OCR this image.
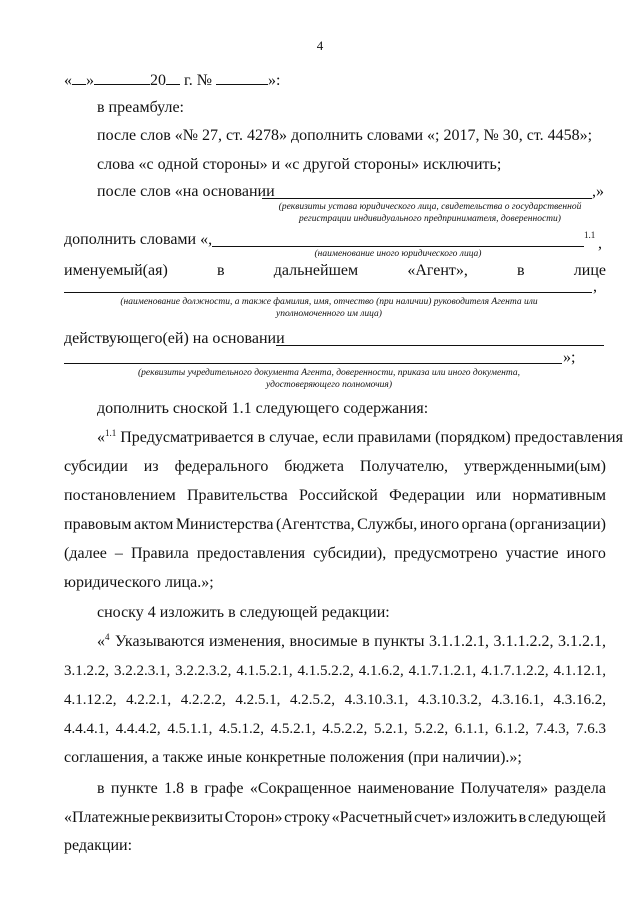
4
« »	20 г. №	»:
в преамбуле:
после слов «№ 27, ст. 4278» дополнить словами «; 2017, № 30, ст. 4458»;
слова «с одной стороны» и «с другой стороны» исключить;
после слов «на основании	,»
(реквизиты устава юридического лица, свидетельства о государственной
регистрации индивидуального предпринимателя, доверенности)
дополнить словами «,	1.1 ,
(наименование иного юридического лица)
именуемый(ая)	в	дальнейшем	«Агент»,	в	лице
,
(наименование должности, а также фамилия, имя, отчество (при наличии) руководителя Агента или
уполномоченного им лица)
действующего(ей) на основании
»;
(реквизиты учредительного документа Агента, доверенности, приказа или иного документа,
удостоверяющего полномочия)
дополнить сноской 1.1 следующего содержания:
«$^{1.1}$ Предусматривается в случае, если правилами (порядком) предоставления
субсидии из федерального бюджета Получателю, утвержденными(ым)
постановлением Правительства Российской Федерации или нормативным
правовым актом Министерства (Агентства, Службы, иного органа (организации)
(далее – Правила предоставления субсидии), предусмотрено участие иного
юридического лица.»;
сноску 4 изложить в следующей редакции:
«$^4$ Указываются изменения, вносимые в пункты 3.1.1.2.1, 3.1.1.2.2, 3.1.2.1,
3.1.2.2, 3.2.2.3.1, 3.2.2.3.2, 4.1.5.2.1, 4.1.5.2.2, 4.1.6.2, 4.1.7.1.2.1, 4.1.7.1.2.2, 4.1.12.1,
4.1.12.2, 4.2.2.1, 4.2.2.2, 4.2.5.1, 4.2.5.2, 4.3.10.3.1, 4.3.10.3.2, 4.3.16.1, 4.3.16.2,
4.4.4.1, 4.4.4.2, 4.5.1.1, 4.5.1.2, 4.5.2.1, 4.5.2.2, 5.2.1, 5.2.2, 6.1.1, 6.1.2, 7.4.3, 7.6.3
соглашения, а также иные конкретные положения (при наличии).»;
в пункте 1.8 в графе «Сокращенное наименование Получателя» раздела
«Платежные реквизиты Сторон» строку «Расчетный счет» изложить в следующей
редакции:
